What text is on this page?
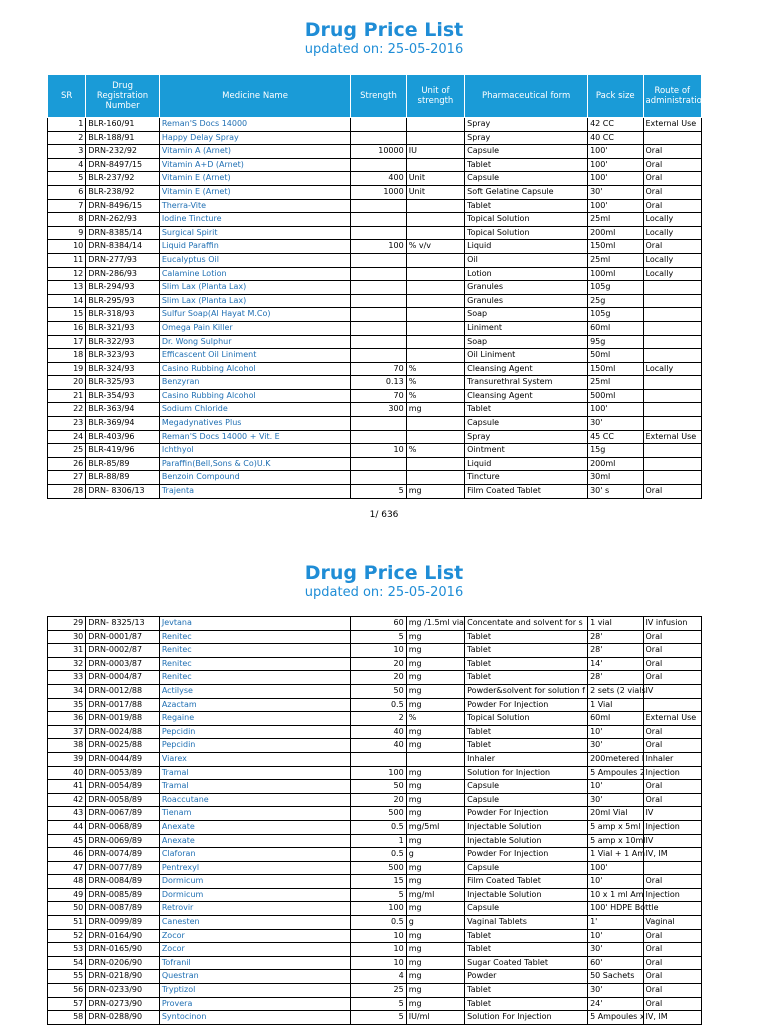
Drug Price List

updated on: 25-05-2016

SR	Drug Registration Number	Medicine Name	Strength	Unit of strength	Pharmaceutical form	Pack size	Route of administration
1	BLR-160/91	Reman'S Docs 14000			Spray	42 CC	External Use
2	BLR-188/91	Happy Delay Spray			Spray	40 CC	
3	DRN-232/92	Vitamin A (Arnet)	10000	IU	Capsule	100'	Oral
4	DRN-8497/15	Vitamin A+D (Arnet)			Tablet	100'	Oral
5	BLR-237/92	Vitamin E (Arnet)	400	Unit	Capsule	100'	Oral
6	BLR-238/92	Vitamin E (Arnet)	1000	Unit	Soft Gelatine Capsule	30'	Oral
7	DRN-8496/15	Therra-Vite			Tablet	100'	Oral
8	DRN-262/93	Iodine Tincture			Topical Solution	25ml	Locally
9	DRN-8385/14	Surgical Spirit			Topical Solution	200ml	Locally
10	DRN-8384/14	Liquid Paraffin	100	% v/v	Liquid	150ml	Oral
11	DRN-277/93	Eucalyptus Oil			Oil	25ml	Locally
12	DRN-286/93	Calamine Lotion			Lotion	100ml	Locally
13	BLR-294/93	Slim Lax (Planta Lax)			Granules	105g	
14	BLR-295/93	Slim Lax (Planta Lax)			Granules	25g	
15	BLR-318/93	Sulfur Soap(Al Hayat M.Co)			Soap	105g	
16	BLR-321/93	Omega Pain Killer			Liniment	60ml	
17	BLR-322/93	Dr. Wong Sulphur			Soap	95g	
18	BLR-323/93	Efficascent Oil Liniment			Oil Liniment	50ml	
19	BLR-324/93	Casino Rubbing Alcohol	70	%	Cleansing Agent	150ml	Locally
20	BLR-325/93	Benzyran	0.13	%	Transurethral System	25ml	
21	BLR-354/93	Casino Rubbing Alcohol	70	%	Cleansing Agent	500ml	
22	BLR-363/94	Sodium Chloride	300	mg	Tablet	100'	
23	BLR-369/94	Megadynatives Plus			Capsule	30'	
24	BLR-403/96	Reman'S Docs 14000 + Vit. E			Spray	45 CC	External Use
25	BLR-419/96	Ichthyol	10	%	Ointment	15g	
26	BLR-85/89	Paraffin(Bell,Sons & Co)U.K			Liquid	200ml	
27	BLR-88/89	Benzoin Compound			Tincture	30ml	
28	DRN- 8306/13	Trajenta	5	mg	Film Coated Tablet	30' s	Oral
1/ 636
Drug Price List

updated on: 25-05-2016

29	DRN- 8325/13	Jevtana	60	mg /1.5ml via	Concentate and solvent for s	1 vial	IV infusion
30	DRN-0001/87	Renitec	5	mg	Tablet	28'	Oral
31	DRN-0002/87	Renitec	10	mg	Tablet	28'	Oral
32	DRN-0003/87	Renitec	20	mg	Tablet	14'	Oral
33	DRN-0004/87	Renitec	20	mg	Tablet	28'	Oral
34	DRN-0012/88	Actilyse	50	mg	Powder&solvent for solution f	2 sets (2 vials	IV
35	DRN-0017/88	Azactam	0.5	mg	Powder For Injection	1 Vial	
36	DRN-0019/88	Regaine	2	%	Topical Solution	60ml	External Use
37	DRN-0024/88	Pepcidin	40	mg	Tablet	10'	Oral
38	DRN-0025/88	Pepcidin	40	mg	Tablet	30'	Oral
39	DRN-0044/89	Viarex			Inhaler	200metered I	Inhaler
40	DRN-0053/89	Tramal	100	mg	Solution for Injection	5 Ampoules 2	Injection
41	DRN-0054/89	Tramal	50	mg	Capsule	10'	Oral
42	DRN-0058/89	Roaccutane	20	mg	Capsule	30'	Oral
43	DRN-0067/89	Tienam	500	mg	Powder For Injection	20ml Vial	IV
44	DRN-0068/89	Anexate	0.5	mg/5ml	Injectable Solution	5 amp x 5ml	Injection
45	DRN-0069/89	Anexate	1	mg	Injectable Solution	5 amp x 10ml	IV
46	DRN-0074/89	Claforan	0.5	g	Powder For Injection	1 Vial + 1 Am	IV, IM
47	DRN-0077/89	Pentrexyl	500	mg	Capsule	100'	
48	DRN-0084/89	Dormicum	15	mg	Film Coated Tablet	10'	Oral
49	DRN-0085/89	Dormicum	5	mg/ml	Injectable Solution	10 x 1 ml Am	Injection
50	DRN-0087/89	Retrovir	100	mg	Capsule	100' HDPE Bottle	
51	DRN-0099/89	Canesten	0.5	g	Vaginal Tablets	1'	Vaginal
52	DRN-0164/90	Zocor	10	mg	Tablet	10'	Oral
53	DRN-0165/90	Zocor	10	mg	Tablet	30'	Oral
54	DRN-0206/90	Tofranil	10	mg	Sugar Coated Tablet	60'	Oral
55	DRN-0218/90	Questran	4	mg	Powder	50 Sachets	Oral
56	DRN-0233/90	Tryptizol	25	mg	Tablet	30'	Oral
57	DRN-0273/90	Provera	5	mg	Tablet	24'	Oral
58	DRN-0288/90	Syntocinon	5	IU/ml	Solution For Injection	5 Ampoules x	IV, IM
